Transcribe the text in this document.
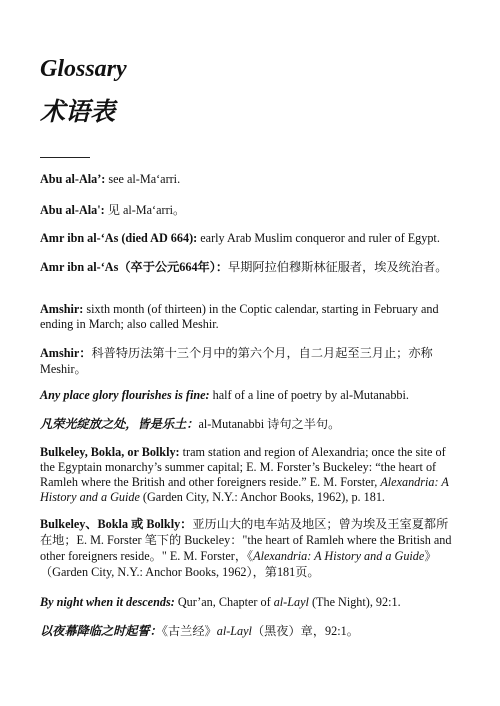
Glossary
术语表

Abu al-Ala’: see al-Ma‘arri.

Abu al-Ala': 见 al-Ma‘arri。

Amr ibn al-‘As (died AD 664): early Arab Muslim conqueror and ruler of Egypt.

Amr ibn al-‘As（卒于公元664年）：早期阿拉伯穆斯林征服者，埃及统治者。

Amshir: sixth month (of thirteen) in the Coptic calendar, starting in February and ending in March; also called Meshir.

Amshir：科普特历法第十三个月中的第六个月，自二月起至三月止；亦称 Meshir。

Any place glory flourishes is fine: half of a line of poetry by al-Mutanabbi.

凡荣光绽放之处，皆是乐土：al-Mutanabbi 诗句之半句。

Bulkeley, Bokla, or Bolkly: tram station and region of Alexandria; once the site of the Egyptain monarchy’s summer capital; E. M. Forster’s Buckeley: “the heart of Ramleh where the British and other foreigners reside.” E. M. Forster, Alexandria: A History and a Guide (Garden City, N.Y.: Anchor Books, 1962), p. 181.

Bulkeley、Bokla 或 Bolkly：亚历山大的电车站及地区；曾为埃及王室夏都所在地；E. M. Forster 笔下的 Buckeley："the heart of Ramleh where the British and other foreigners reside。" E. M. Forster，《Alexandria: A History and a Guide》（Garden City, N.Y.: Anchor Books, 1962），第181页。

By night when it descends: Qur’an, Chapter of al-Layl (The Night), 92:1.

以夜幕降临之时起誓：《古兰经》al-Layl（黑夜）章，92:1。
